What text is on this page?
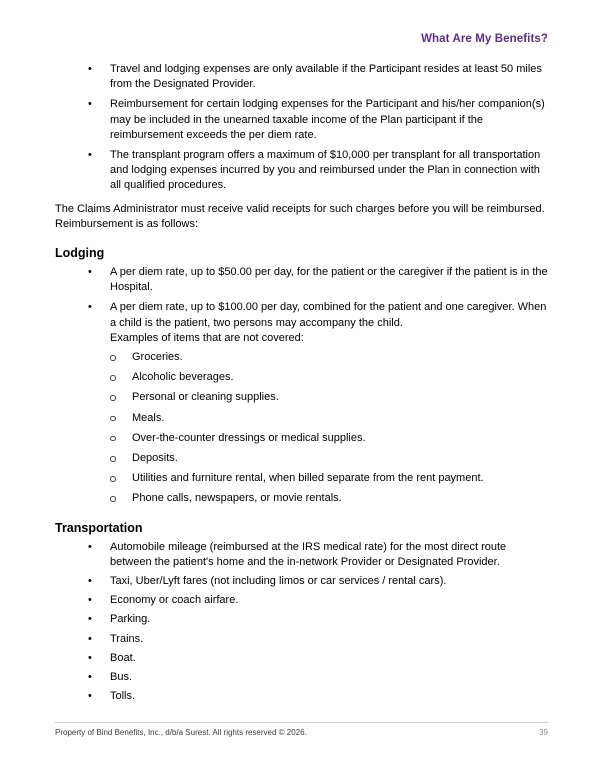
What Are My Benefits?
•	Travel and lodging expenses are only available if the Participant resides at least 50 miles from the Designated Provider.
•	Reimbursement for certain lodging expenses for the Participant and his/her companion(s) may be included in the unearned taxable income of the Plan participant if the reimbursement exceeds the per diem rate.
•	The transplant program offers a maximum of $10,000 per transplant for all transportation and lodging expenses incurred by you and reimbursed under the Plan in connection with all qualified procedures.

The Claims Administrator must receive valid receipts for such charges before you will be reimbursed. Reimbursement is as follows:

Lodging
•	A per diem rate, up to $50.00 per day, for the patient or the caregiver if the patient is in the Hospital.
•	A per diem rate, up to $100.00 per day, combined for the patient and one caregiver. When a child is the patient, two persons may accompany the child.

Examples of items that are not covered:

Groceries.
Alcoholic beverages.
Personal or cleaning supplies.
Meals.
Over-the-counter dressings or medical supplies.
Deposits.
Utilities and furniture rental, when billed separate from the rent payment.
Phone calls, newspapers, or movie rentals.
Transportation
•	Automobile mileage (reimbursed at the IRS medical rate) for the most direct route between the patient's home and the in-network Provider or Designated Provider.
•	Taxi, Uber/Lyft fares (not including limos or car services / rental cars).
•	Economy or coach airfare.
•	Parking.
•	Trains.
•	Boat.
•	Bus.
•	Tolls.
Property of Bind Benefits, Inc., d/b/a Surest. All rights reserved © 2026.	39
